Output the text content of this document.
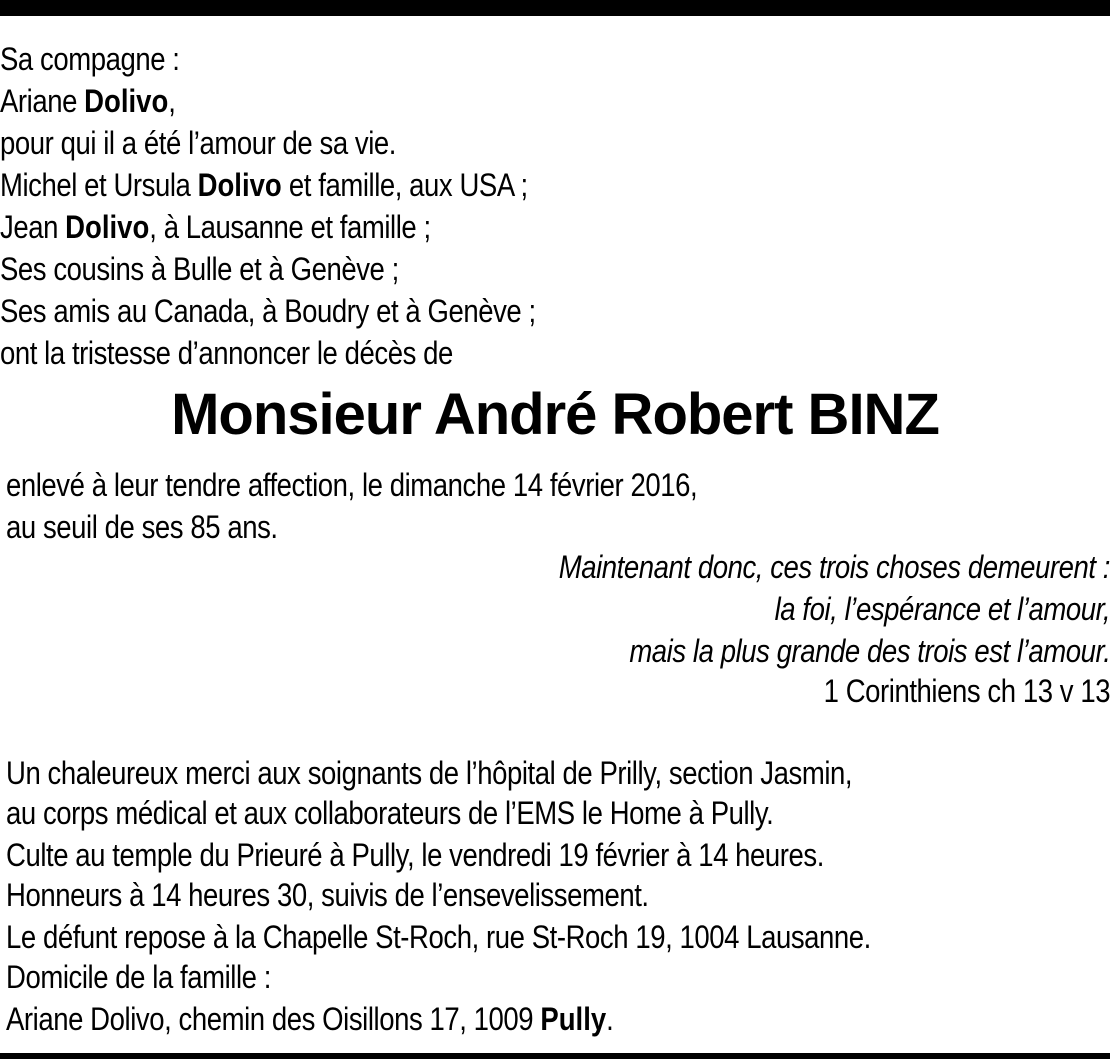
Sa compagne :
Ariane Dolivo,
pour qui il a été l’amour de sa vie.
Michel et Ursula Dolivo et famille, aux USA ;
Jean Dolivo, à Lausanne et famille ;
Ses cousins à Bulle et à Genève ;
Ses amis au Canada, à Boudry et à Genève ;
ont la tristesse d’annoncer le décès de
Monsieur André Robert BINZ
enlevé à leur tendre affection, le dimanche 14 février 2016,
au seuil de ses 85 ans.
Maintenant donc, ces trois choses demeurent :
la foi, l’espérance et l’amour,
mais la plus grande des trois est l’amour.
1 Corinthiens ch 13 v 13
Un chaleureux merci aux soignants de l’hôpital de Prilly, section Jasmin,
au corps médical et aux collaborateurs de l’EMS le Home à Pully.
Culte au temple du Prieuré à Pully, le vendredi 19 février à 14 heures.
Honneurs à 14 heures 30, suivis de l’ensevelissement.
Le défunt repose à la Chapelle St-Roch, rue St-Roch 19, 1004 Lausanne.
Domicile de la famille :
Ariane Dolivo, chemin des Oisillons 17, 1009 Pully.
